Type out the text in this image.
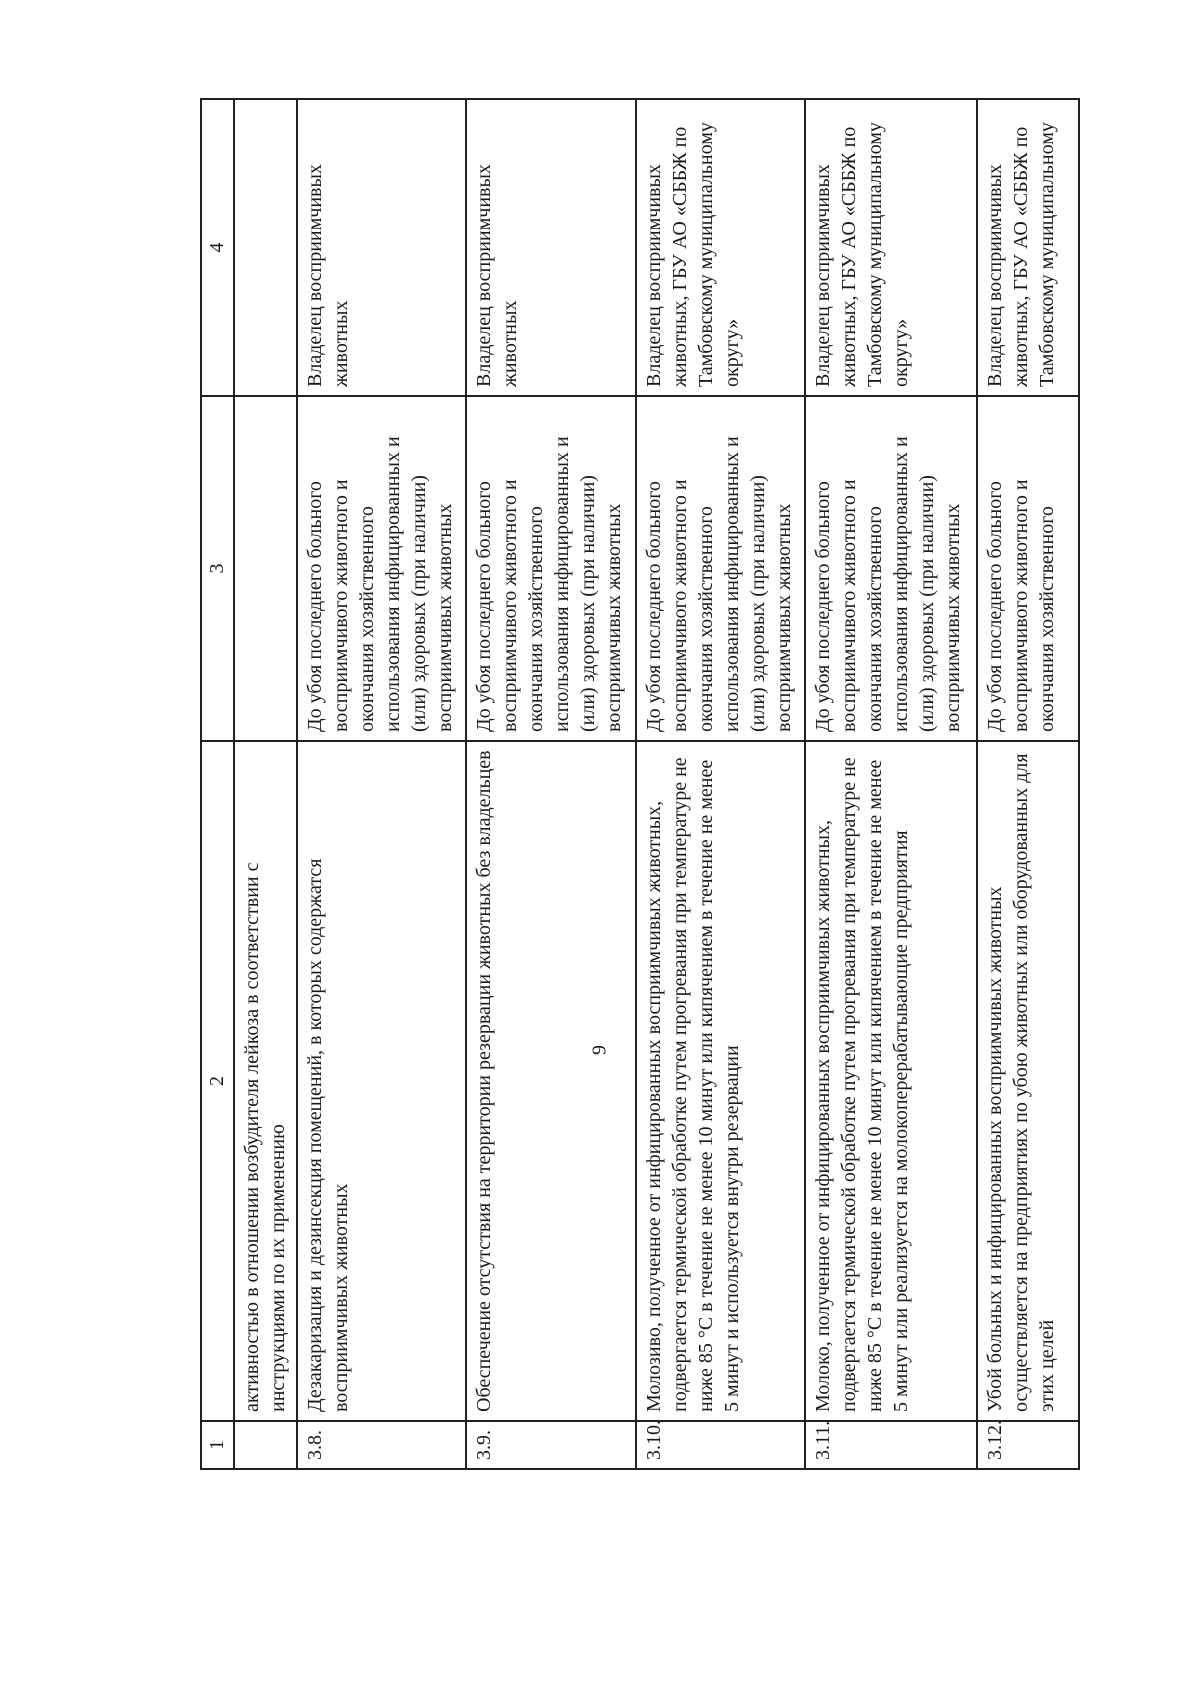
9
1	2	3	4
	активностью в отношении возбудителя лейкоза в соответствии с инструкциями по их применению		
3.8.	Дезакаризация и дезинсекция помещений, в которых содержатся восприимчивых животных	До убоя последнего больного восприимчивого животного и окончания хозяйственного использования инфицированных и (или) здоровых (при наличии) восприимчивых животных	Владелец восприимчивых животных
3.9.	Обеспечение отсутствия на территории резервации животных без владельцев	До убоя последнего больного восприимчивого животного и окончания хозяйственного использования инфицированных и (или) здоровых (при наличии) восприимчивых животных	Владелец восприимчивых животных
3.10.	Молозиво, полученное от инфицированных восприимчивых животных, подвергается термической обработке путем прогревания при температуре не ниже 85 °С в течение не менее 10 минут или кипячением в течение не менее 5 минут и используется внутри резервации	До убоя последнего больного восприимчивого животного и окончания хозяйственного использования инфицированных и (или) здоровых (при наличии) восприимчивых животных	Владелец восприимчивых животных, ГБУ АО «СББЖ по Тамбовскому муниципальному округу»
3.11.	Молоко, полученное от инфицированных восприимчивых животных, подвергается термической обработке путем прогревания при температуре не ниже 85 °С в течение не менее 10 минут или кипячением в течение не менее 5 минут или реализуется на молокоперерабатывающие предприятия	До убоя последнего больного восприимчивого животного и окончания хозяйственного использования инфицированных и (или) здоровых (при наличии) восприимчивых животных	Владелец восприимчивых животных, ГБУ АО «СББЖ по Тамбовскому муниципальному округу»
3.12.	Убой больных и инфицированных восприимчивых животных осуществляется на предприятиях по убою животных или оборудованных для этих целей	До убоя последнего больного восприимчивого животного и окончания хозяйственного	Владелец восприимчивых животных, ГБУ АО «СББЖ по Тамбовскому муниципальному
